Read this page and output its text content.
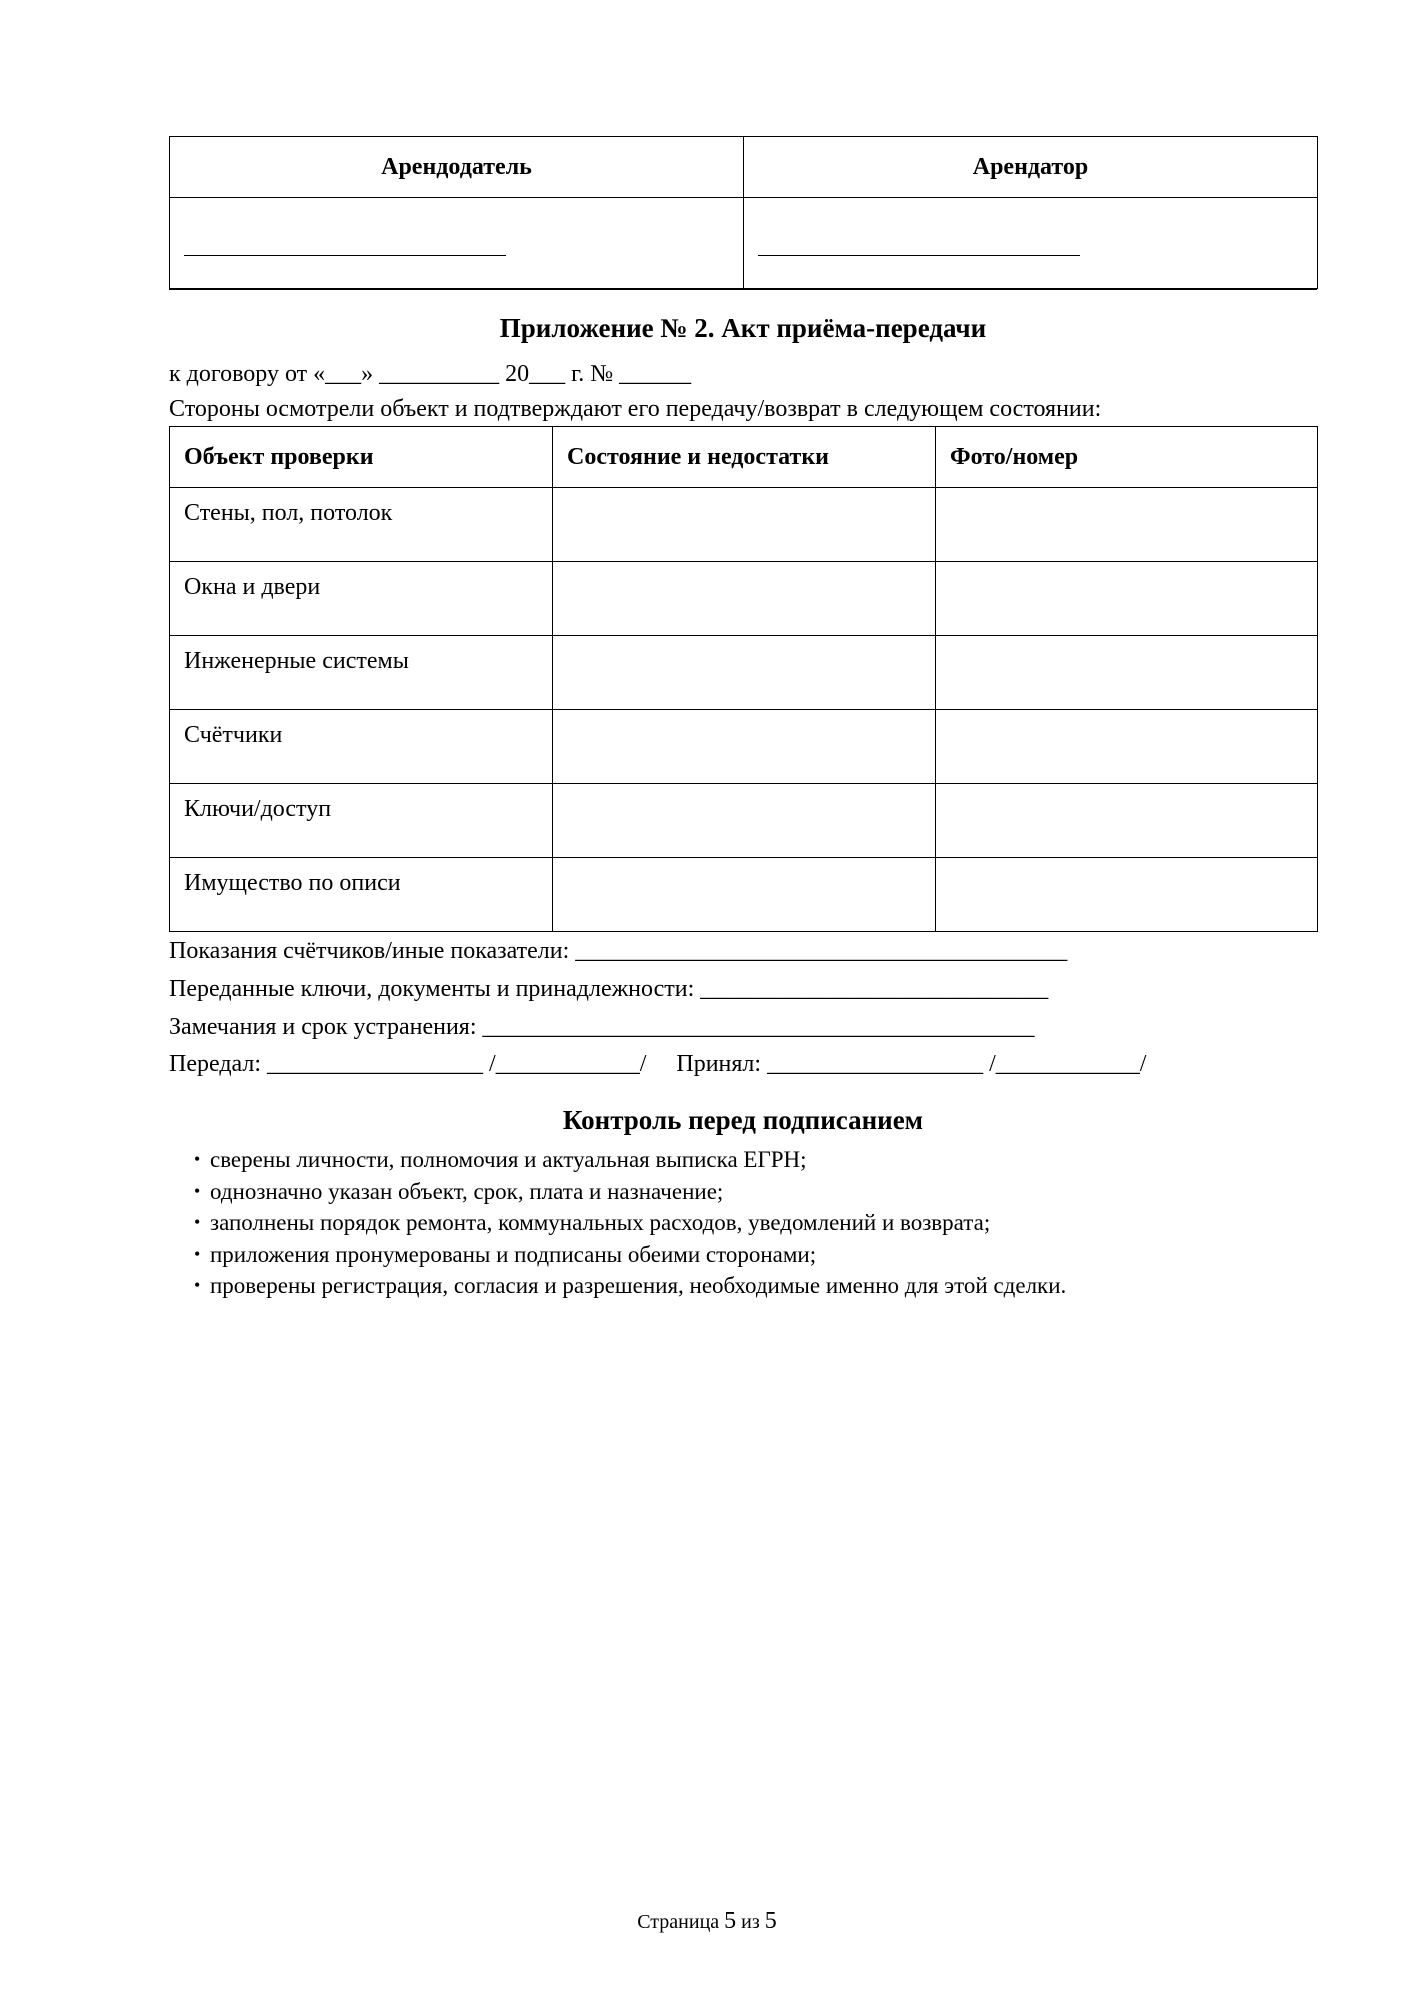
Арендодатель	Арендатор

Приложение № 2. Акт приёма-передачи

к договору от «___» __________ 20___ г. № ______

Стороны осмотрели объект и подтверждают его передачу/возврат в следующем состоянии:

Объект проверки	Состояние и недостатки	Фото/номер
Стены, пол, потолок		
Окна и двери		
Инженерные системы		
Счётчики		
Ключи/доступ		
Имущество по описи		

Показания счётчиков/иные показатели: _________________________________________

Переданные ключи, документы и принадлежности: _____________________________

Замечания и срок устранения: ______________________________________________

Передал: __________________ /____________/     Принял: __________________ /____________/

Контроль перед подписанием
• сверены личности, полномочия и актуальная выписка ЕГРН;
• однозначно указан объект, срок, плата и назначение;
• заполнены порядок ремонта, коммунальных расходов, уведомлений и возврата;
• приложения пронумерованы и подписаны обеими сторонами;
• проверены регистрация, согласия и разрешения, необходимые именно для этой сделки.
Страница 5 из 5
